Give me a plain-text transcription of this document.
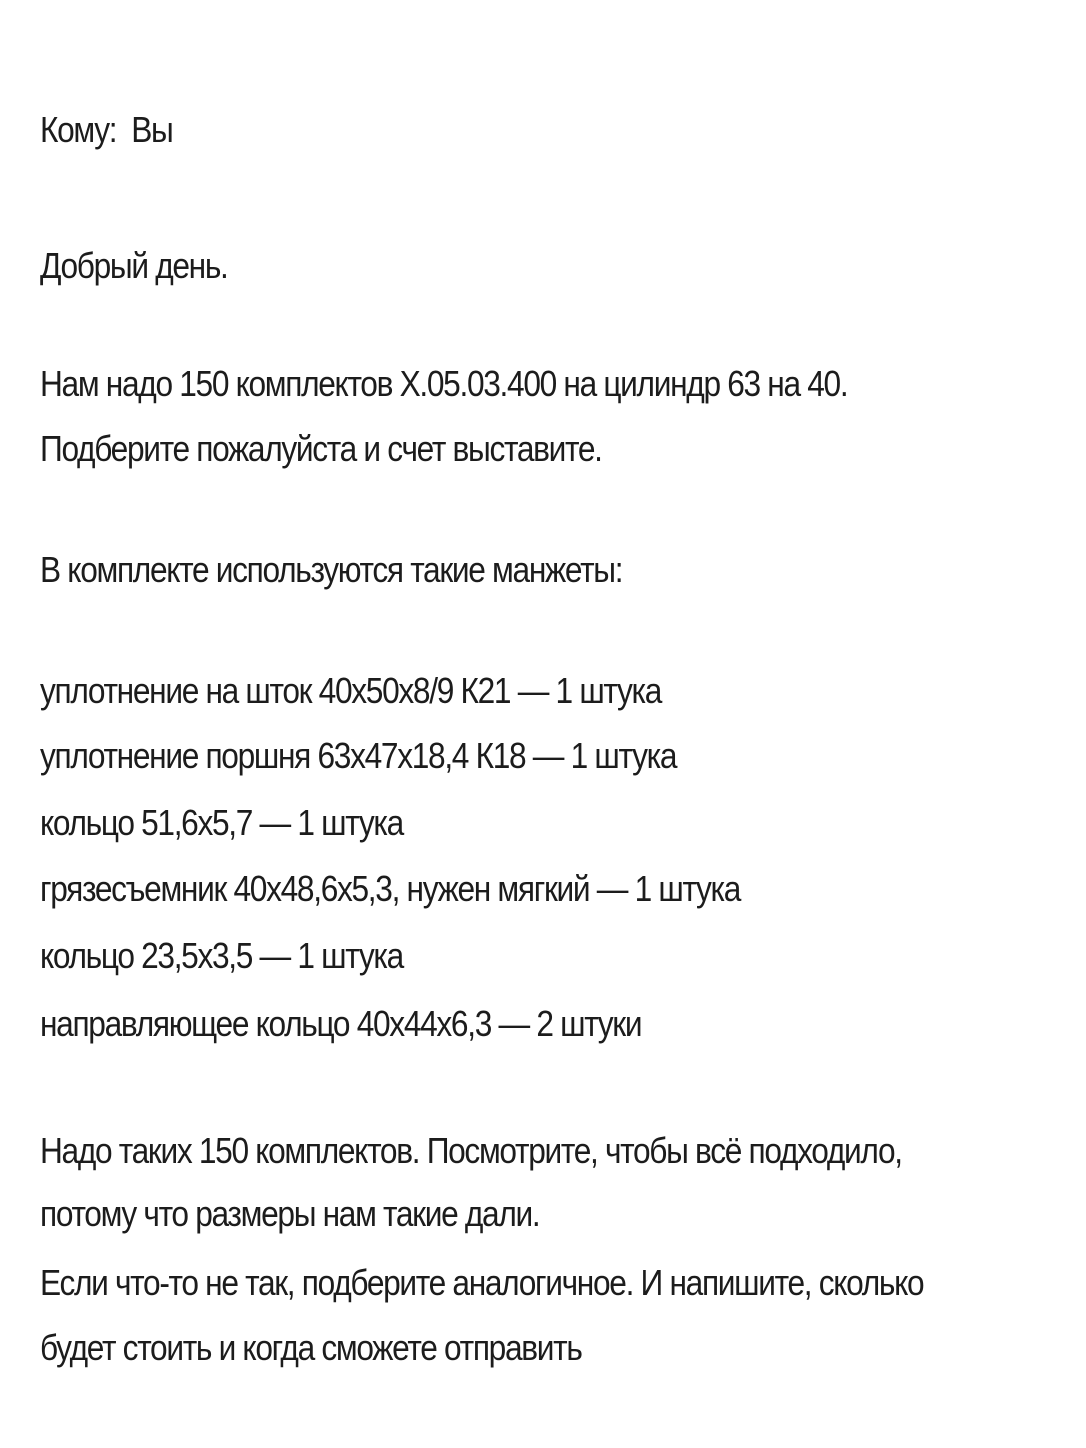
Кому: Вы
Добрый день.
Нам надо 150 комплектов Х.05.03.400 на цилиндр 63 на 40.
Подберите пожалуйста и счет выставите.
В комплекте используются такие манжеты:
уплотнение на шток 40х50х8/9 К21 — 1 штука
уплотнение поршня 63х47х18,4 К18 — 1 штука
кольцо 51,6х5,7 — 1 штука
грязесъемник 40х48,6х5,3, нужен мягкий — 1 штука
кольцо 23,5х3,5 — 1 штука
направляющее кольцо 40х44х6,3 — 2 штуки
Надо таких 150 комплектов. Посмотрите, чтобы всё подходило,
потому что размеры нам такие дали.
Если что-то не так, подберите аналогичное. И напишите, сколько
будет стоить и когда сможете отправить
